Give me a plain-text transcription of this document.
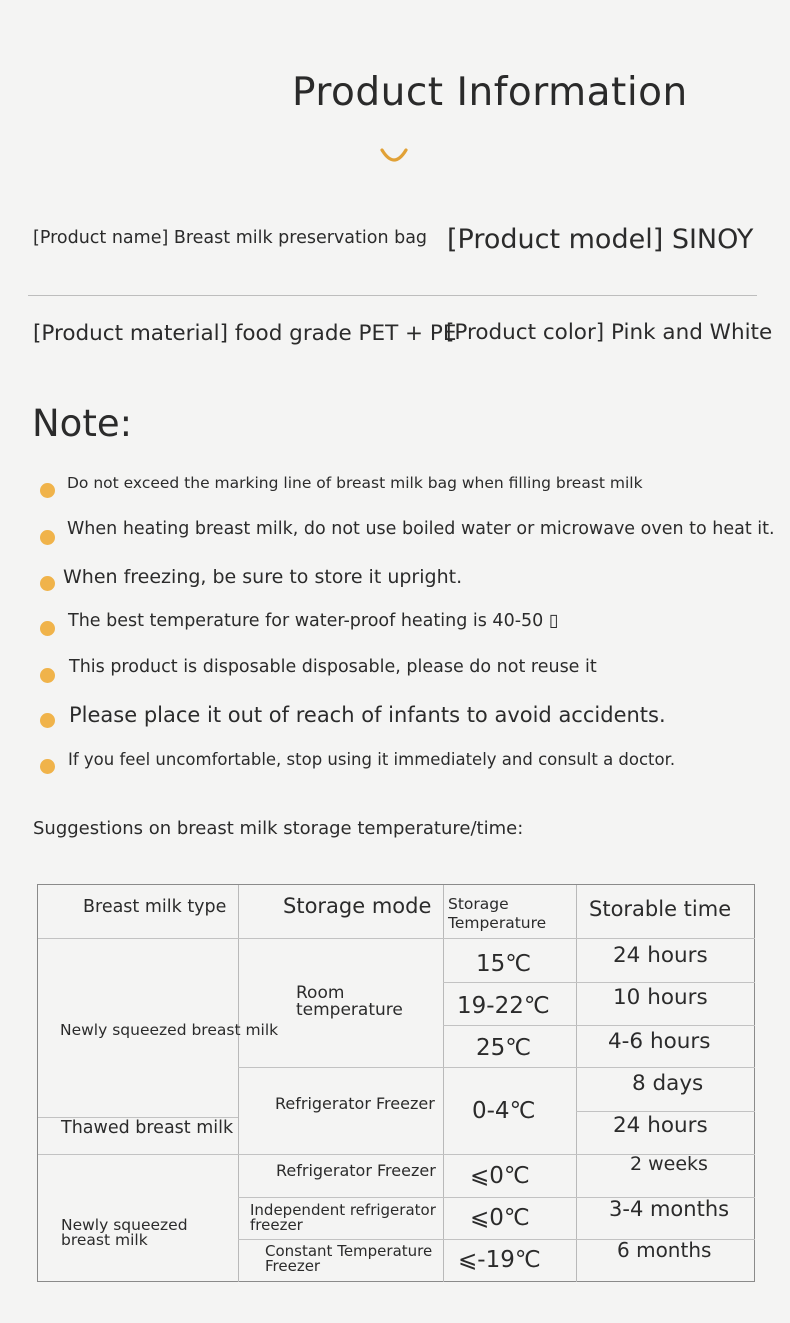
Product Information
[Product name] Breast milk preservation bag [Product model] SINOY
[Product material] food grade PET + PE
[Product color] Pink and White
Note:
Do not exceed the marking line of breast milk bag when filling breast milk
When heating breast milk, do not use boiled water or microwave oven to heat it.
When freezing, be sure to store it upright.
The best temperature for water-proof heating is 40-50 ▯
This product is disposable disposable, please do not reuse it
Please place it out of reach of infants to avoid accidents.
If you feel uncomfortable, stop using it immediately and consult a doctor.
Suggestions on breast milk storage temperature/time:
Breast milk type	Storage mode Storage Temperature
Storable time
Newly squeezed breast milk
Thawed breast milk
Newly squeezed breast milk
Room temperature
Refrigerator Freezer
Refrigerator Freezer
Independent refrigerator freezer
Constant Temperature Freezer
15℃
19-22℃
25℃
0-4℃
⩽0℃
⩽0℃
⩽-19℃
24 hours
10 hours
4-6 hours
8 days
24 hours
2 weeks
3-4 months
6 months
